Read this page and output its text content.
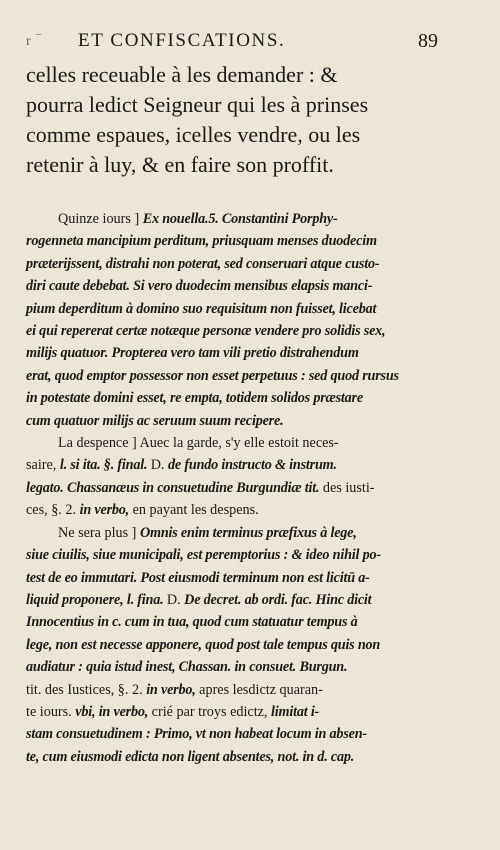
r ‾ ET CONFISCATIONS.	89
celles receuable à les demander : &
pourra ledict Seigneur qui les à prinses
comme espaues, icelles vendre, ou les
retenir à luy, & en faire son proffit.
Quinze iours ] Ex nouella.5. Constantini Porphy-
rogenneta mancipium perditum, priusquam menses duodecim
præterijssent, distrahi non poterat, sed conseruari atque custo-
diri caute debebat. Si vero duodecim mensibus elapsis manci-
pium deperditum à domino suo requisitum non fuisset, licebat
ei qui repererat certæ notæque personæ vendere pro solidis sex,
milijs quatuor. Propterea vero tam vili pretio distrahendum
erat, quod emptor possessor non esset perpetuus : sed quod rursus
in potestate domini esset, re empta, totidem solidos præstare
cum quatuor milijs ac seruum suum recipere.
La despence ] Auec la garde, s'y elle estoit neces-
saire, l. si ita. §. final. D. de fundo instructo & instrum.
legato. Chassanæus in consuetudine Burgundiæ tit. des iusti-
ces, §. 2. in verbo, en payant les despens.
Ne sera plus ] Omnis enim terminus præfixus à lege,
siue ciuilis, siue municipali, est peremptorius : & ideo nihil po-
test de eo immutari. Post eiusmodi terminum non est licitū a-
liquid proponere, l. fina. D. De decret. ab ordi. fac. Hinc dicit
Innocentius in c. cum in tua, quod cum statuatur tempus à
lege, non est necesse apponere, quod post tale tempus quis non
audiatur : quia istud inest, Chassan. in consuet. Burgun.
tit. des Iustices, §. 2. in verbo, apres lesdictz quaran-
te iours. vbi, in verbo, crié par troys edictz, limitat i-
stam consuetudinem : Primo, vt non habeat locum in absen-
te, cum eiusmodi edicta non ligent absentes, not. in d. cap.
